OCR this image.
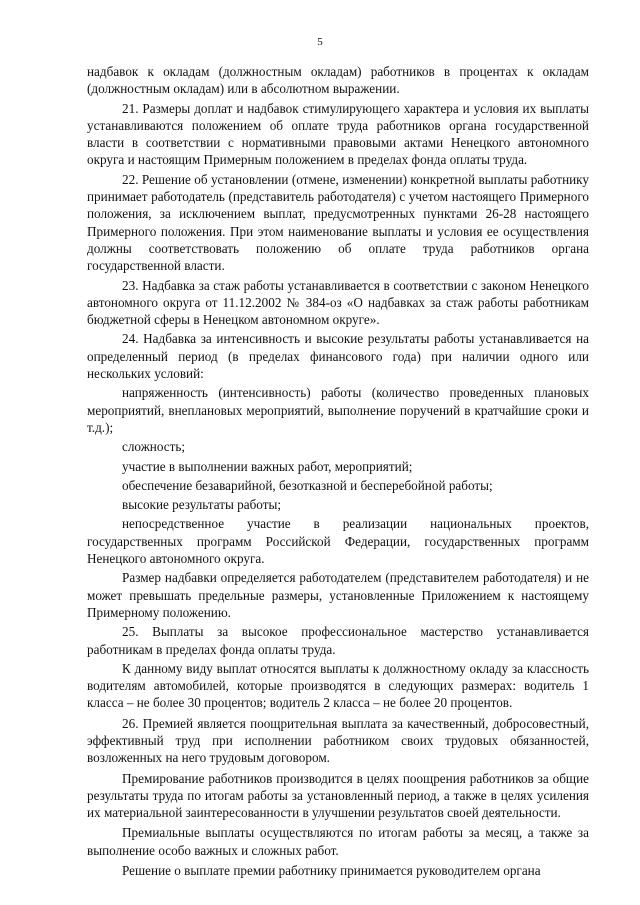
5

надбавок к окладам (должностным окладам) работников в процентах к окладам (должностным окладам) или в абсолютном выражении.

21. Размеры доплат и надбавок стимулирующего характера и условия их выплаты устанавливаются положением об оплате труда работников органа государственной власти в соответствии с нормативными правовыми актами Ненецкого автономного округа и настоящим Примерным положением в пределах фонда оплаты труда.

22. Решение об установлении (отмене, изменении) конкретной выплаты работнику принимает работодатель (представитель работодателя) с учетом настоящего Примерного положения, за исключением выплат, предусмотренных пунктами 26-28 настоящего Примерного положения. При этом наименование выплаты и условия ее осуществления должны соответствовать положению об оплате труда работников органа государственной власти.

23. Надбавка за стаж работы устанавливается в соответствии с законом Ненецкого автономного округа от 11.12.2002 № 384-оз «О надбавках за стаж работы работникам бюджетной сферы в Ненецком автономном округе».

24. Надбавка за интенсивность и высокие результаты работы устанавливается на определенный период (в пределах финансового года) при наличии одного или нескольких условий:

напряженность (интенсивность) работы (количество проведенных плановых мероприятий, внеплановых мероприятий, выполнение поручений в кратчайшие сроки и т.д.);

сложность;

участие в выполнении важных работ, мероприятий;

обеспечение безаварийной, безотказной и бесперебойной работы;

высокие результаты работы;

непосредственное участие в реализации национальных проектов, государственных программ Российской Федерации, государственных программ Ненецкого автономного округа.

Размер надбавки определяется работодателем (представителем работодателя) и не может превышать предельные размеры, установленные Приложением к настоящему Примерному положению.

25. Выплаты за высокое профессиональное мастерство устанавливается работникам в пределах фонда оплаты труда.

К данному виду выплат относятся выплаты к должностному окладу за классность водителям автомобилей, которые производятся в следующих размерах: водитель 1 класса – не более 30 процентов; водитель 2 класса – не более 20 процентов.

26. Премией является поощрительная выплата за качественный, добросовестный, эффективный труд при исполнении работником своих трудовых обязанностей, возложенных на него трудовым договором.

Премирование работников производится в целях поощрения работников за общие результаты труда по итогам работы за установленный период, а также в целях усиления их материальной заинтересованности в улучшении результатов своей деятельности.

Премиальные выплаты осуществляются по итогам работы за месяц, а также за выполнение особо важных и сложных работ.

Решение о выплате премии работнику принимается руководителем органа
